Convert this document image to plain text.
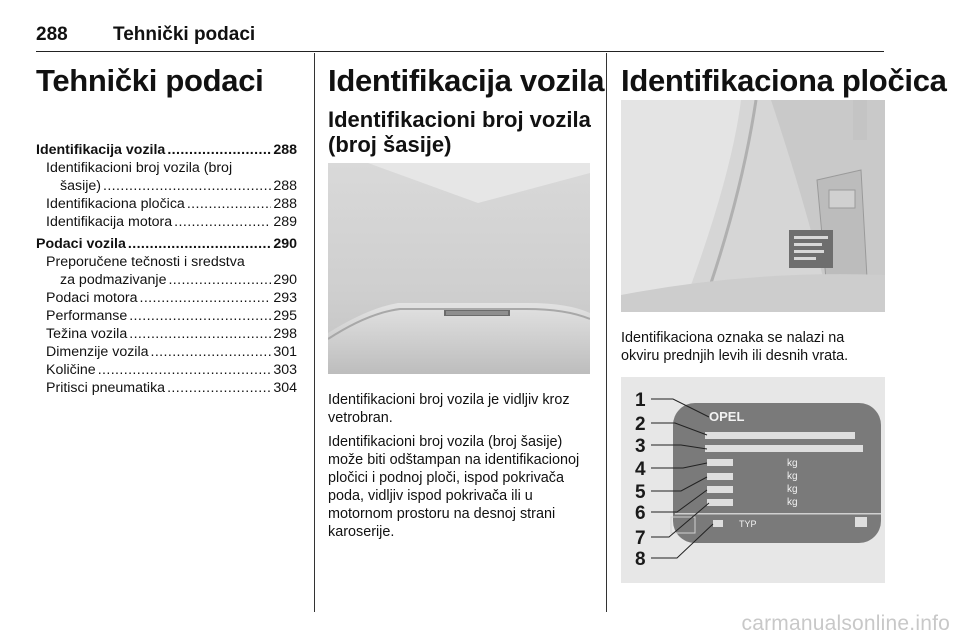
288 Tehnički podaci
Tehnički podaci
Identifikacija vozila .....	288
Identifikacioni broj vozila (broj
šasije) .....	288
Identifikaciona pločica .....	288
Identifikacija motora .....	289
Podaci vozila .....	290
Preporučene tečnosti i sredstva
za podmazivanje .....	290
Podaci motora .....	293
Performanse .....	295
Težina vozila .....	298
Dimenzije vozila .....	301
Količine .....	303
Pritisci pneumatika .....	304
Identifikacija vozila
Identifikacioni broj vozila (broj šasije)

Identifikacioni broj vozila je vidljiv kroz vetrobran.

Identifikacioni broj vozila (broj šasije) može biti odštampan na identifikacionoj pločici i podnoj ploči, ispod pokrivača poda, vidljiv ispod pokrivača ili u motornom prostoru na desnoj strani karoserije.

Identifikaciona pločica

Identifikaciona oznaka se nalazi na okviru prednjih levih ili desnih vrata.

OPEL
kg
kg
kg
kg
TYP
1
2
3
4
5
6
7
8
carmanualsonline.info
